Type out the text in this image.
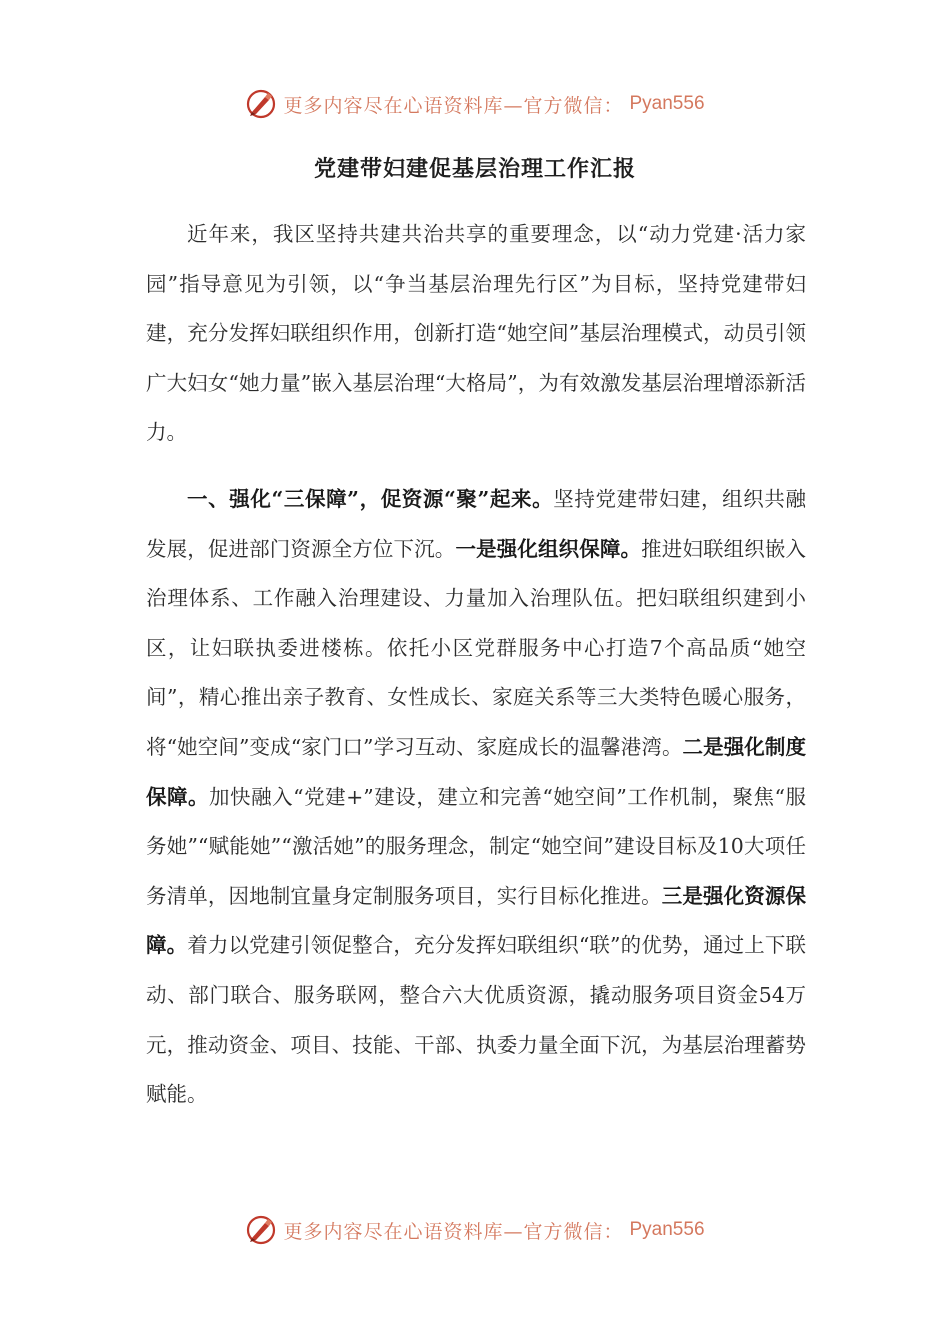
更多内容尽在心语资料库—官方微信： Pyan556
党建带妇建促基层治理工作汇报

近年来，我区坚持共建共治共享的重要理念，以“动力党建·活力家园”指导意见为引领，以“争当基层治理先行区”为目标，坚持党建带妇建，充分发挥妇联组织作用，创新打造“她空间”基层治理模式，动员引领广大妇女“她力量”嵌入基层治理“大格局”，为有效激发基层治理增添新活力。

一、强化“三保障”，促资源“聚”起来。坚持党建带妇建，组织共融发展，促进部门资源全方位下沉。一是强化组织保障。推进妇联组织嵌入治理体系、工作融入治理建设、力量加入治理队伍。把妇联组织建到小区，让妇联执委进楼栋。依托小区党群服务中心打造7个高品质“她空间”，精心推出亲子教育、女性成长、家庭关系等三大类特色暖心服务，将“她空间”变成“家门口”学习互动、家庭成长的温馨港湾。二是强化制度保障。加快融入“党建+”建设，建立和完善“她空间”工作机制，聚焦“服务她”“赋能她”“激活她”的服务理念，制定“她空间”建设目标及10大项任务清单，因地制宜量身定制服务项目，实行目标化推进。三是强化资源保障。着力以党建引领促整合，充分发挥妇联组织“联”的优势，通过上下联动、部门联合、服务联网，整合六大优质资源，撬动服务项目资金54万元，推动资金、项目、技能、干部、执委力量全面下沉，为基层治理蓄势赋能。

更多内容尽在心语资料库—官方微信： Pyan556
